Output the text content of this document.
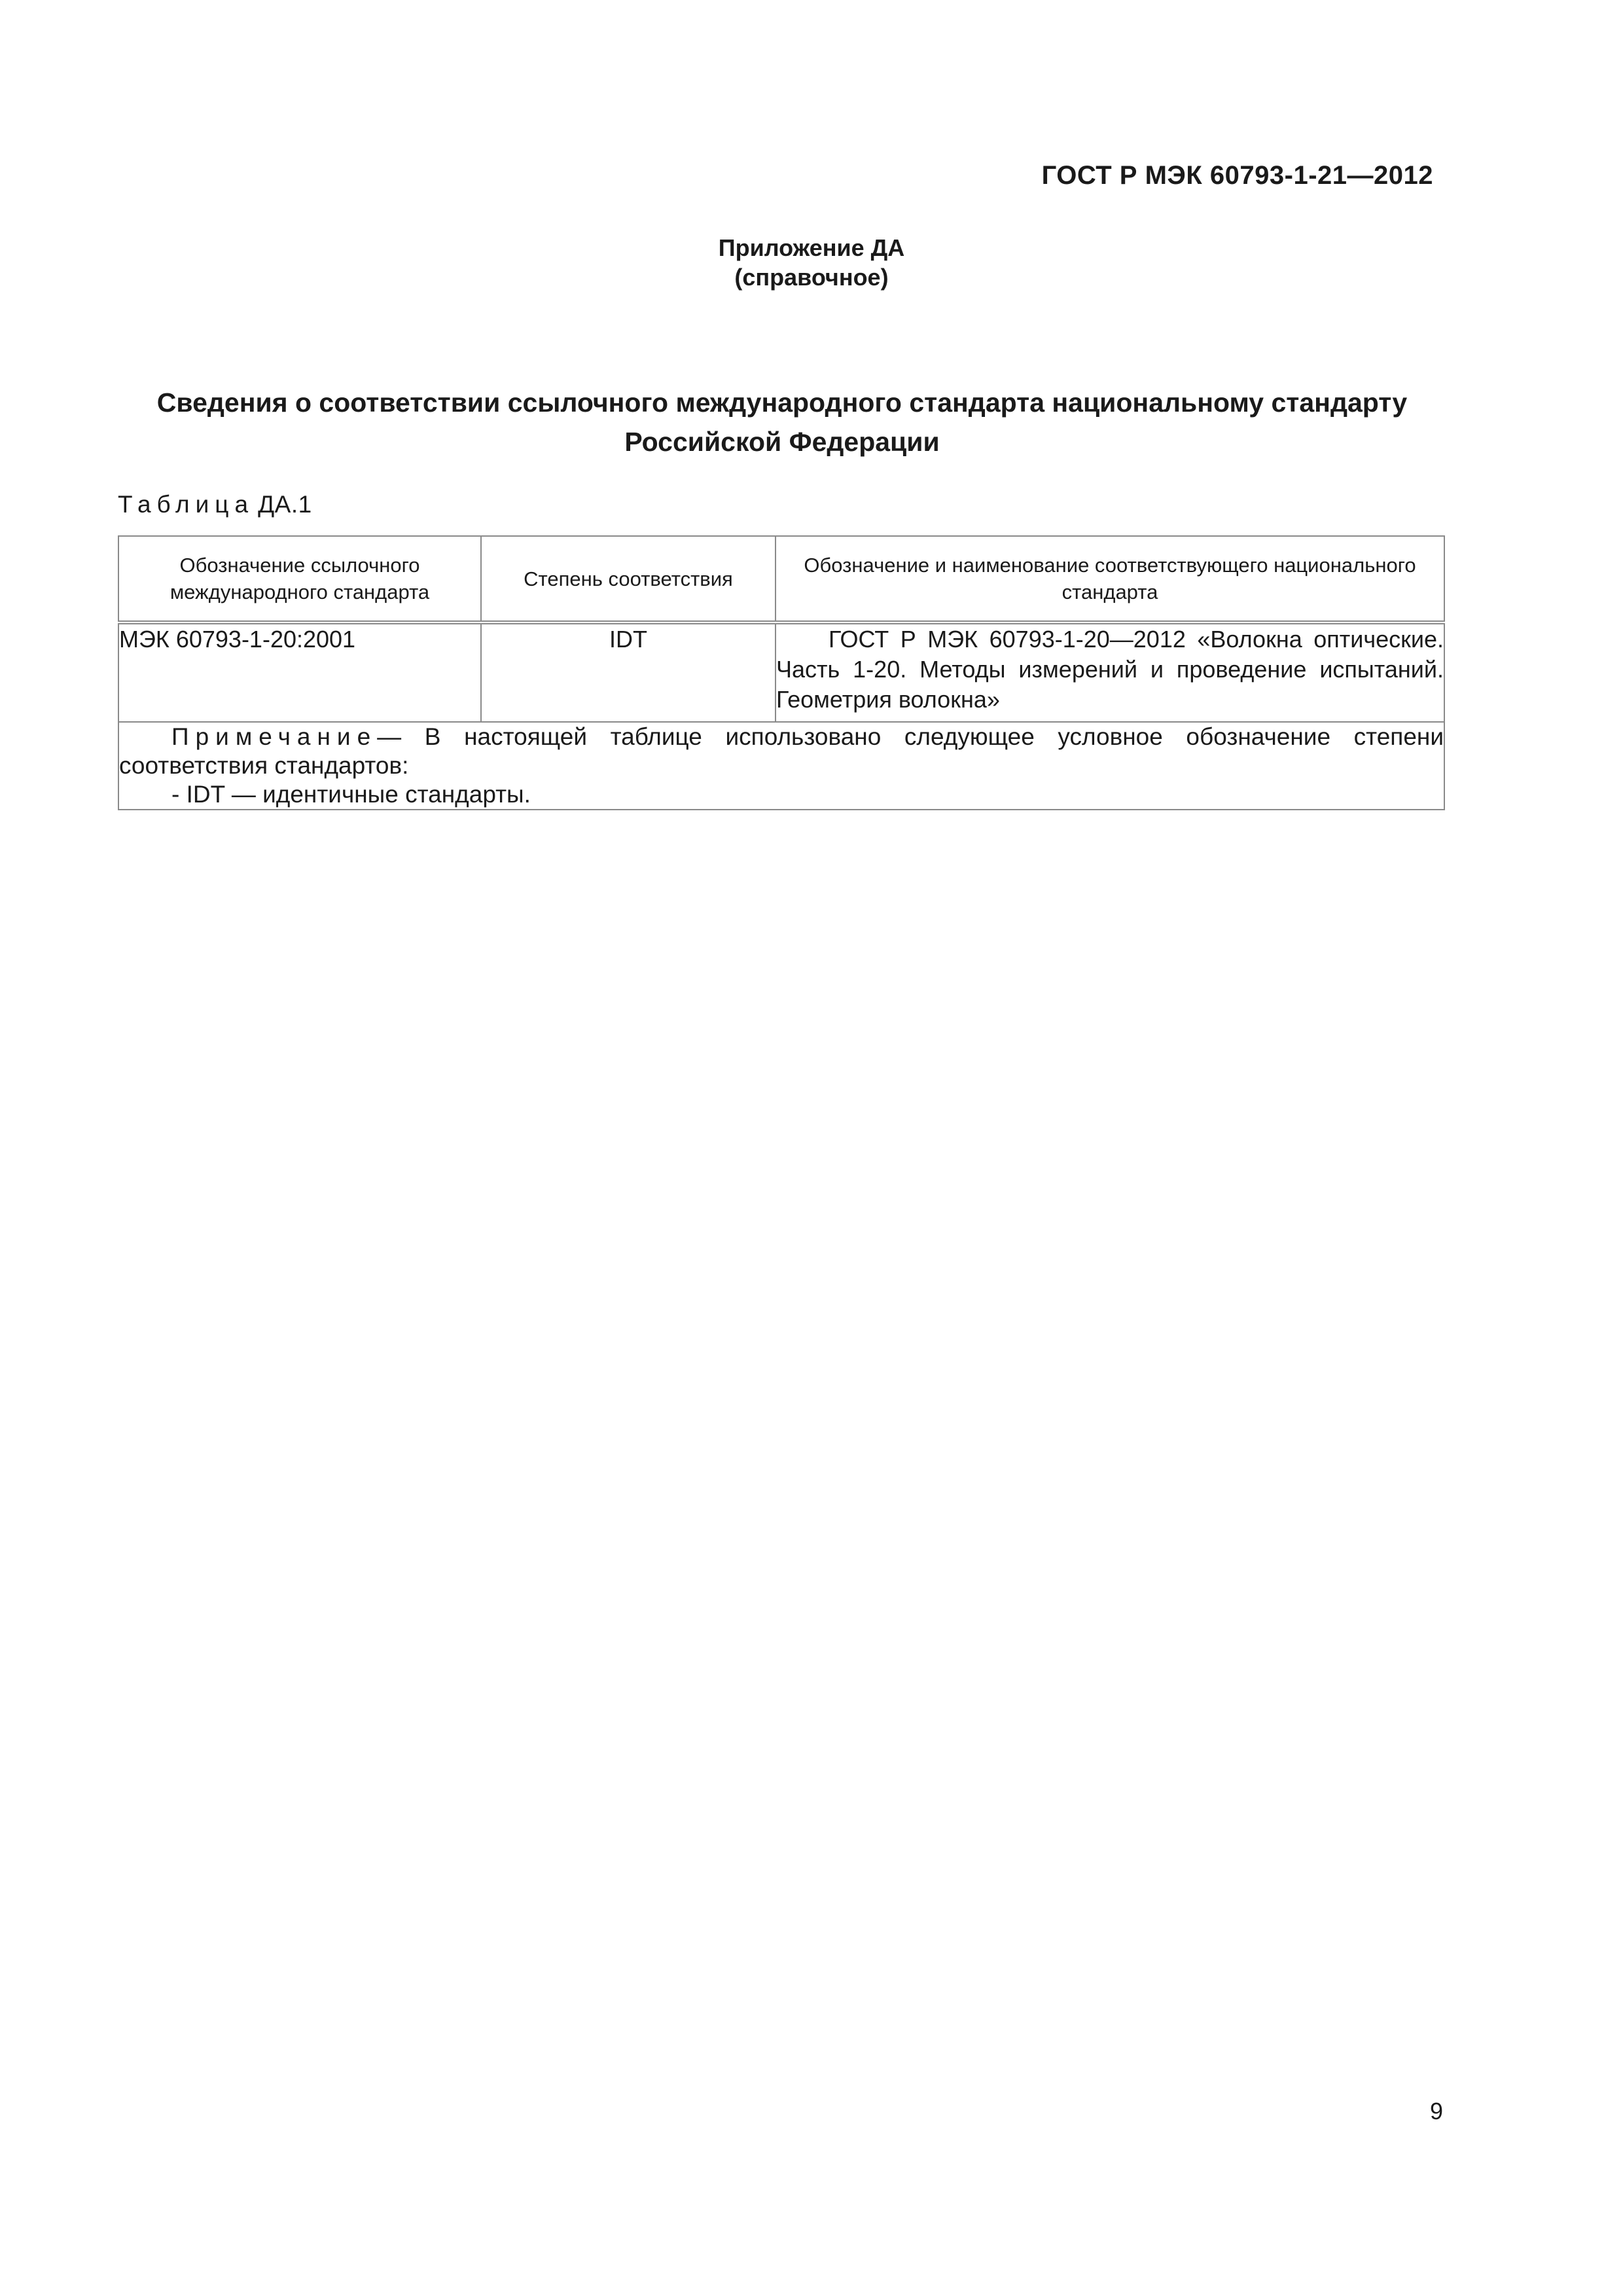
ГОСТ Р МЭК 60793-1-21—2012
Приложение ДА
(справочное)
Сведения о соответствии ссылочного международного стандарта национальному стандарту
Российской Федерации
Таблица ДА.1
Обозначение ссылочного международного стандарта	Степень соответствия	Обозначение и наименование соответствующего национального стандарта
МЭК 60793-1-20:2001	IDT	ГОСТ Р МЭК 60793-1-20—2012 «Волокна оптические. Часть 1-20. Методы измерений и проведение испытаний. Геометрия волокна»

Примечание— В настоящей таблице использовано следующее условное обозначение степени соответствия стандартов:
- IDT — идентичные стандарты.		
9
